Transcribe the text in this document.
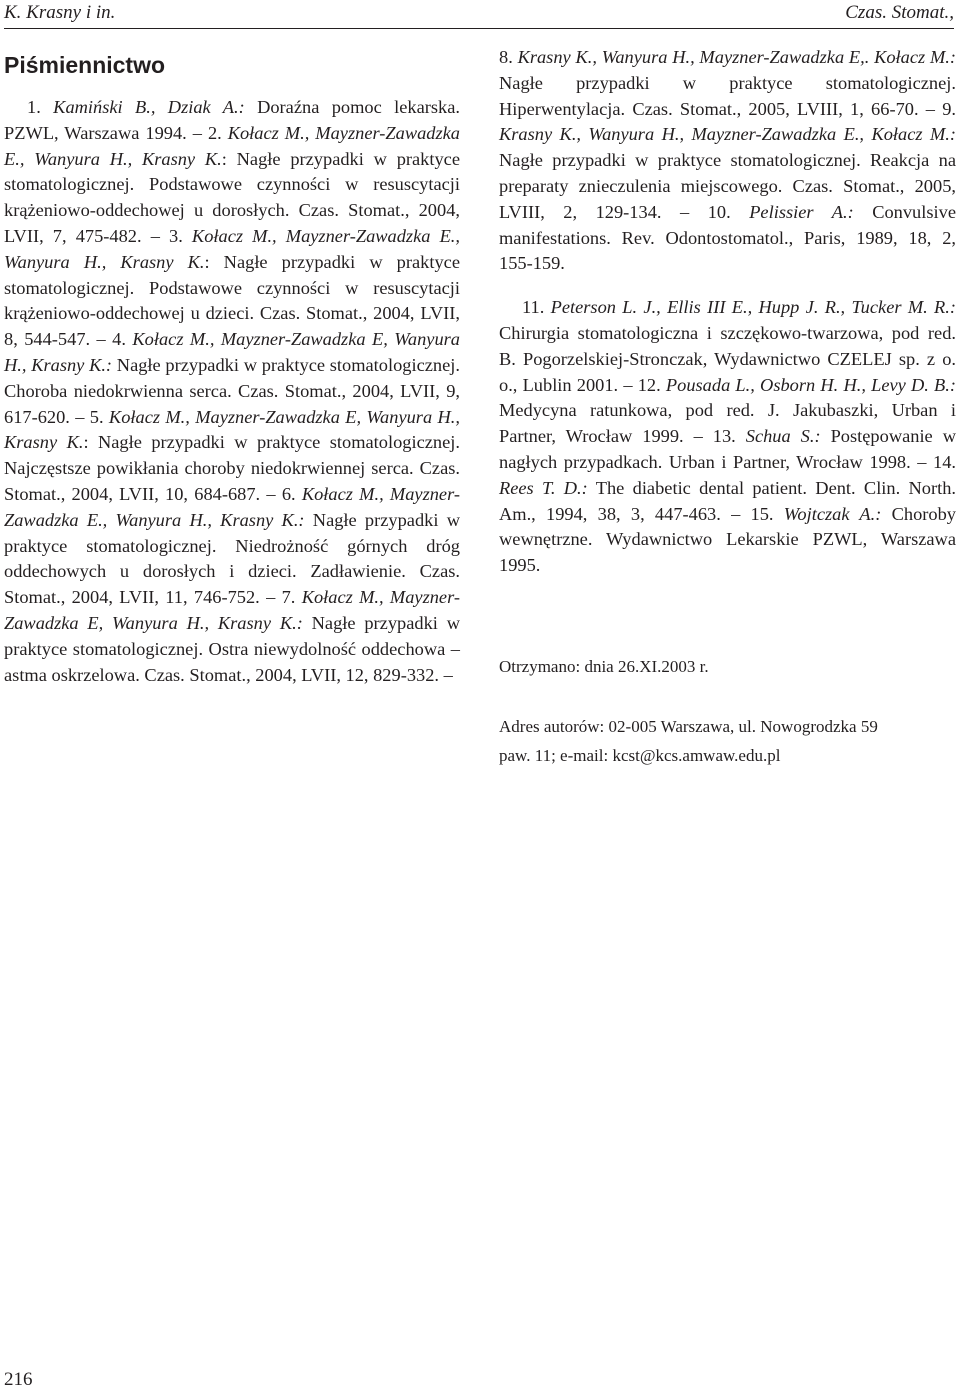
K. Krasny i in.	Czas. Stomat.,
Piśmiennictwo

1. Kamiński B., Dziak A.: Doraźna pomoc lekarska. PZWL, Warszawa 1994. – 2. Kołacz M., Mayzner-Zawadzka E., Wanyura H., Krasny K.: Nagłe przypadki w praktyce stomatologicznej. Podstawowe czynności w resuscytacji krążeniowo-oddechowej u dorosłych. Czas. Stomat., 2004, LVII, 7, 475-482. – 3. Kołacz M., Mayzner-Zawadzka E., Wanyura H., Krasny K.: Nagłe przypadki w praktyce stomatologicznej. Podstawowe czynności w resuscytacji krążeniowo-oddechowej u dzieci. Czas. Stomat., 2004, LVII, 8, 544-547. – 4. Kołacz M., Mayzner-Zawadzka E, Wanyura H., Krasny K.: Nagłe przypadki w praktyce stomatologicznej. Choroba niedokrwienna serca. Czas. Stomat., 2004, LVII, 9, 617-620. – 5. Kołacz M., Mayzner-Zawadzka E, Wanyura H., Krasny K.: Nagłe przypadki w praktyce stomatologicznej. Najczęstsze powikłania choroby niedokrwiennej serca. Czas. Stomat., 2004, LVII, 10, 684-687. – 6. Kołacz M., Mayzner-Zawadzka E., Wanyura H., Krasny K.: Nagłe przypadki w praktyce stomatologicznej. Niedrożność górnych dróg oddechowych u dorosłych i dzieci. Zadławienie. Czas. Stomat., 2004, LVII, 11, 746-752. – 7. Kołacz M., Mayzner-Zawadzka E, Wanyura H., Krasny K.: Nagłe przypadki w praktyce stomatologicznej. Ostra niewydolność oddechowa – astma oskrzelowa. Czas. Stomat., 2004, LVII, 12, 829-332. –

8. Krasny K., Wanyura H., Mayzner-Zawadzka E,. Kołacz M.: Nagłe przypadki w praktyce stomatologicznej. Hiperwentylacja. Czas. Stomat., 2005, LVIII, 1, 66-70. – 9. Krasny K., Wanyura H., Mayzner-Zawadzka E., Kołacz M.: Nagłe przypadki w praktyce stomatologicznej. Reakcja na preparaty znieczulenia miejscowego. Czas. Stomat., 2005, LVIII, 2, 129-134. – 10. Pelissier A.: Convulsive manifestations. Rev. Odontostomatol., Paris, 1989, 18, 2, 155-159.

11. Peterson L. J., Ellis III E., Hupp J. R., Tucker M. R.: Chirurgia stomatologiczna i szczękowo-twarzowa, pod red. B. Pogorzelskiej-Stronczak, Wydawnictwo CZELEJ sp. z o. o., Lublin 2001. – 12. Pousada L., Osborn H. H., Levy D. B.: Medycyna ratunkowa, pod red. J. Jakubaszki, Urban i Partner, Wrocław 1999. – 13. Schua S.: Postępowanie w nagłych przypadkach. Urban i Partner, Wrocław 1998. – 14. Rees T. D.: The diabetic dental patient. Dent. Clin. North. Am., 1994, 38, 3, 447-463. – 15. Wojtczak A.: Choroby wewnętrzne. Wydawnictwo Lekarskie PZWL, Warszawa 1995.

Otrzymano: dnia 26.XI.2003 r.

Adres autorów: 02-005 Warszawa, ul. Nowogrodzka 59

paw. 11; e-mail: kcst@kcs.amwaw.edu.pl

216
